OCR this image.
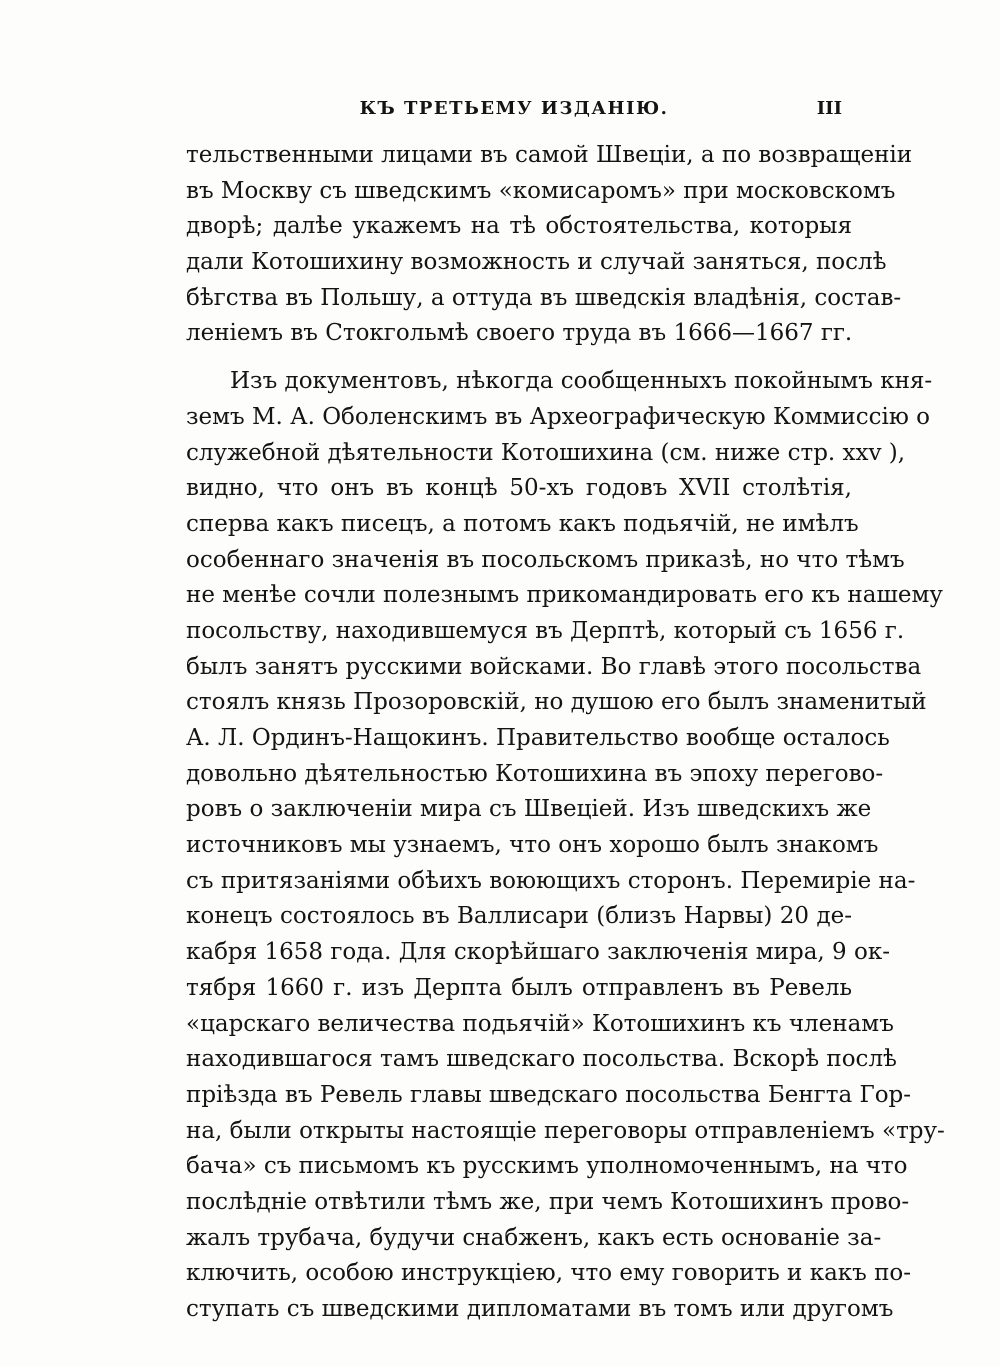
КЪ ТРЕТЬЕМУ ИЗДАНІЮ.	III
тельственными лицами въ самой Швеціи, а по возвращеніи
въ Москву съ шведскимъ «комисаромъ» при московскомъ
дворѣ; далѣе укажемъ на тѣ обстоятельства, которыя
дали Котошихину возможность и случай заняться, послѣ
бѣгства въ Польшу, а оттуда въ шведскія владѣнія, состав-
леніемъ въ Стокгольмѣ своего труда въ 1666—1667 гг.
Изъ документовъ, нѣкогда сообщенныхъ покойнымъ кня-
земъ М. А. Оболенскимъ въ Археографическую Коммиссію о
служебной дѣятельности Котошихина (см. ниже стр. xxv ),
видно, что онъ въ концѣ 50-хъ годовъ XVII столѣтія,
сперва какъ писецъ, а потомъ какъ подьячій, не имѣлъ
особеннаго значенія въ посольскомъ приказѣ, но что тѣмъ
не менѣе сочли полезнымъ прикомандировать его къ нашему
посольству, находившемуся въ Дерптѣ, который съ 1656 г.
былъ занятъ русскими войсками. Во главѣ этого посольства
стоялъ князь Прозоровскій, но душою его былъ знаменитый
А. Л. Ординъ-Нащокинъ. Правительство вообще осталось
довольно дѣятельностью Котошихина въ эпоху перегово-
ровъ о заключеніи мира съ Швеціей. Изъ шведскихъ же
источниковъ мы узнаемъ, что онъ хорошо былъ знакомъ
съ притязаніями обѣихъ воюющихъ сторонъ. Перемиріе на-
конецъ состоялось въ Валлисари (близъ Нарвы) 20 де-
кабря 1658 года. Для скорѣйшаго заключенія мира, 9 ок-
тября 1660 г. изъ Дерпта былъ отправленъ въ Ревель
«царскаго величества подьячій» Котошихинъ къ членамъ
находившагося тамъ шведскаго посольства. Вскорѣ послѣ
пріѣзда въ Ревель главы шведскаго посольства Бенгта Гор-
на, были открыты настоящіе переговоры отправленіемъ «тру-
бача» съ письмомъ къ русскимъ уполномоченнымъ, на что
послѣдніе отвѣтили тѣмъ же, при чемъ Котошихинъ прово-
жалъ трубача, будучи снабженъ, какъ есть основаніе за-
ключить, особою инструкціею, что ему говорить и какъ по-
ступать съ шведскими дипломатами въ томъ или другомъ
